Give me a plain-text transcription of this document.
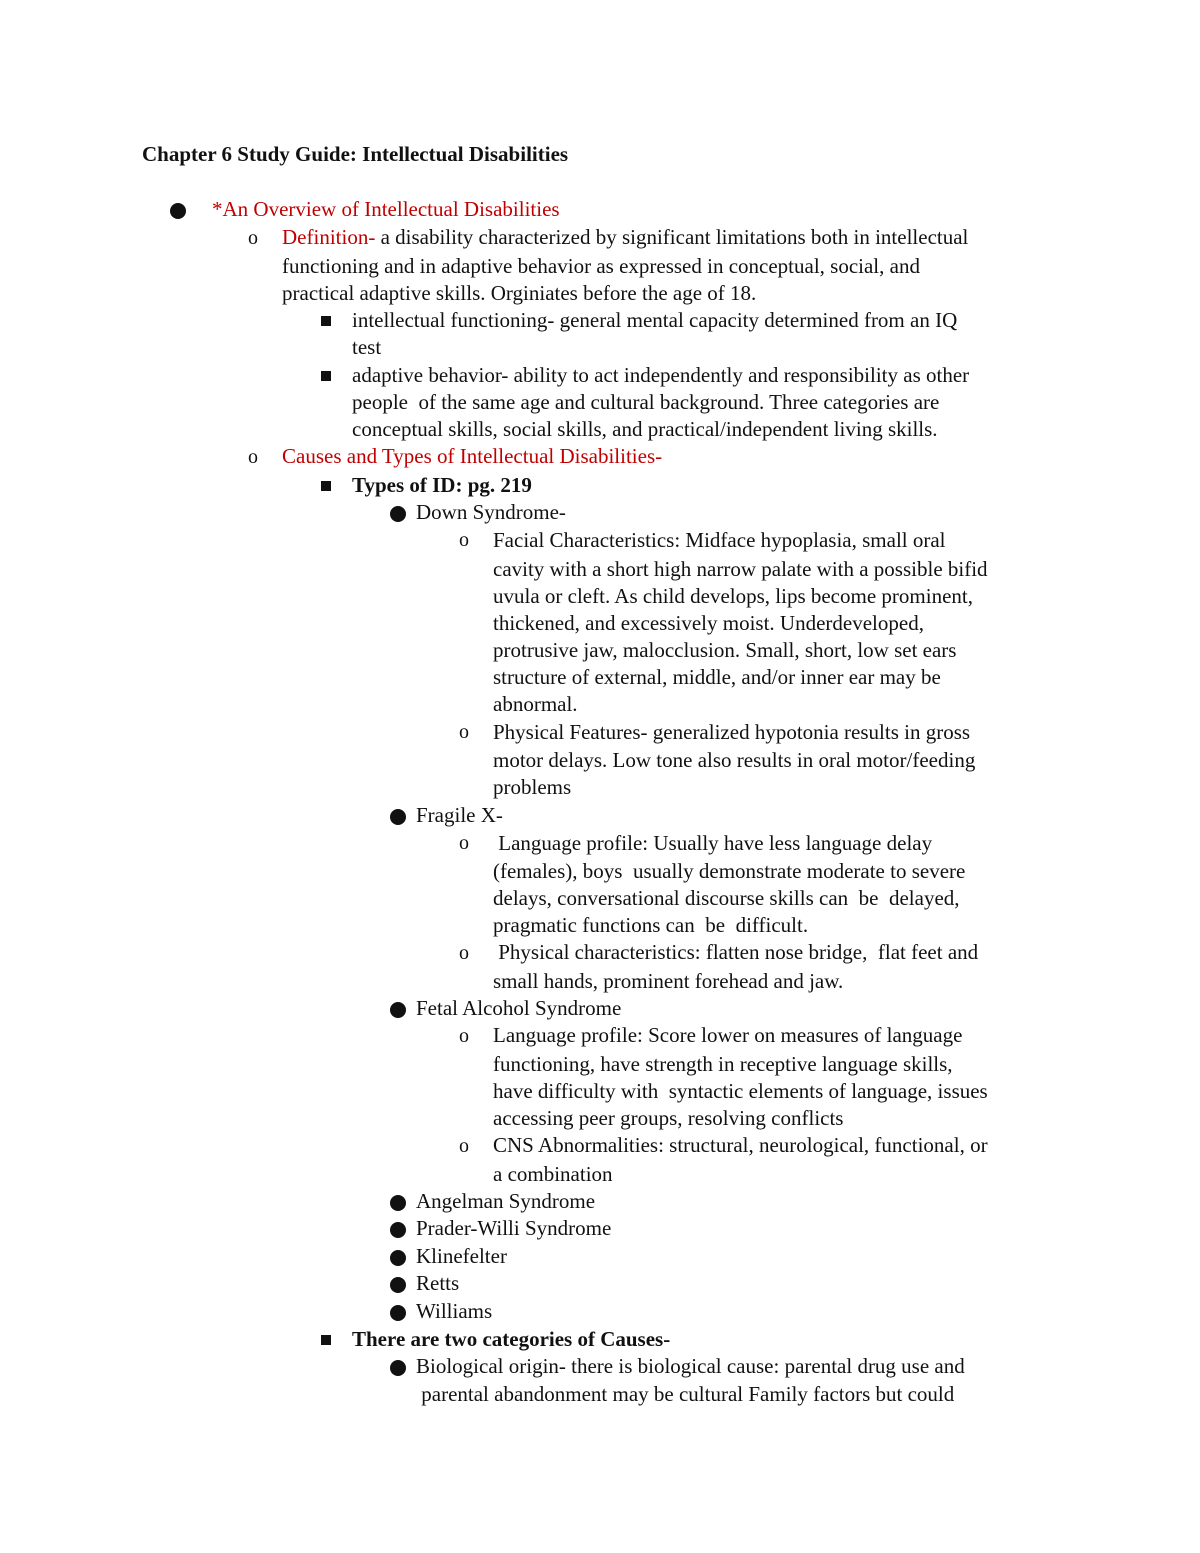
Chapter 6 Study Guide: Intellectual Disabilities
*An Overview of Intellectual Disabilities
o Definition- a disability characterized by significant limitations both in intellectual
functioning and in adaptive behavior as expressed in conceptual, social, and
practical adaptive skills. Orginiates before the age of 18.
intellectual functioning- general mental capacity determined from an IQ
test
adaptive behavior- ability to act independently and responsibility as other
people  of the same age and cultural background. Three categories are
conceptual skills, social skills, and practical/independent living skills.
o Causes and Types of Intellectual Disabilities-
Types of ID: pg. 219
Down Syndrome-
o Facial Characteristics: Midface hypoplasia, small oral
cavity with a short high narrow palate with a possible bifid
uvula or cleft. As child develops, lips become prominent,
thickened, and excessively moist. Underdeveloped,
protrusive jaw, malocclusion. Small, short, low set ears
structure of external, middle, and/or inner ear may be
abnormal.
o Physical Features- generalized hypotonia results in gross
motor delays. Low tone also results in oral motor/feeding
problems
Fragile X-
o Language profile: Usually have less language delay
(females), boys  usually demonstrate moderate to severe
delays, conversational discourse skills can  be  delayed,
pragmatic functions can  be  difficult.
o Physical characteristics: flatten nose bridge,  flat feet and
small hands, prominent forehead and jaw.
Fetal Alcohol Syndrome
o Language profile: Score lower on measures of language
functioning, have strength in receptive language skills,
have difficulty with  syntactic elements of language, issues
accessing peer groups, resolving conflicts
o CNS Abnormalities: structural, neurological, functional, or
a combination
Angelman Syndrome
Prader-Willi Syndrome
Klinefelter
Retts
Williams
There are two categories of Causes-
Biological origin- there is biological cause: parental drug use and
parental abandonment may be cultural Family factors but could
